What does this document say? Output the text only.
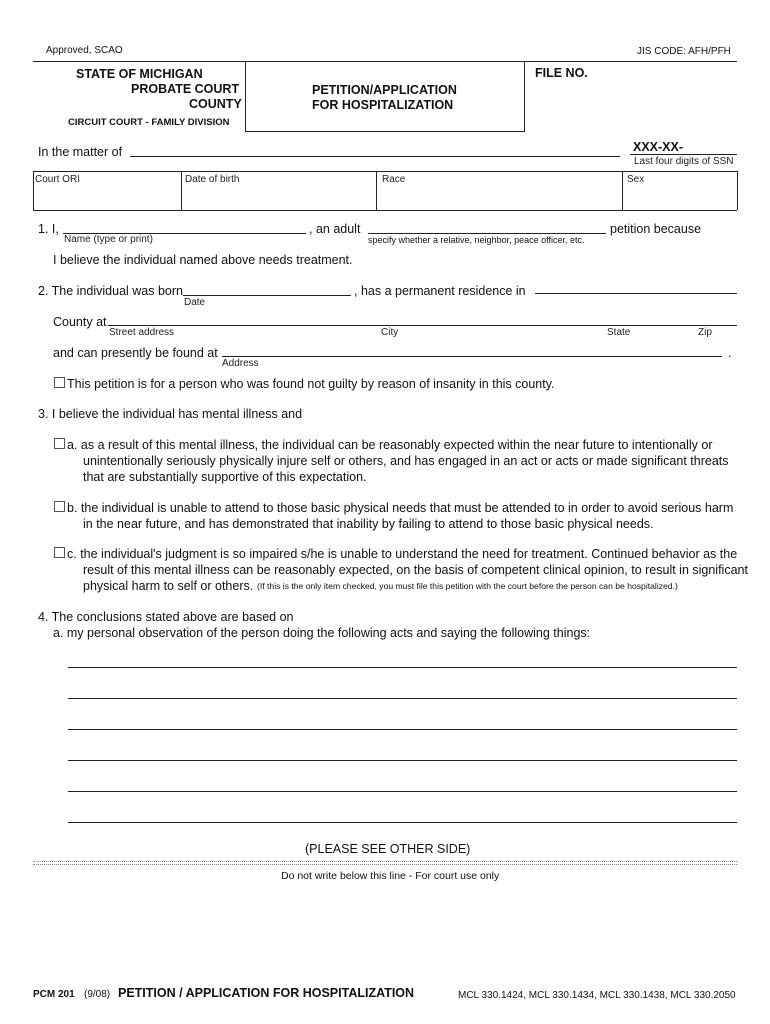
Approved, SCAO	JIS CODE: AFH/PFH
STATE OF MICHIGAN
PROBATE COURT
COUNTY
CIRCUIT COURT - FAMILY DIVISION
PETITION/APPLICATION
FOR HOSPITALIZATION
FILE NO.
In the matter of	XXX-XX-
Last four digits of SSN
Court ORI	Date of birth	Race	Sex
1. I,	, an adult	petition because
Name (type or print)	specify whether a relative, neighbor, peace officer, etc.
I believe the individual named above needs treatment.
2. The individual was born
Date
, has a permanent residence in
County at
Street address	City	State	Zip
and can presently be found at	.
Address
This petition is for a person who was found not guilty by reason of insanity in this county.
3. I believe the individual has mental illness and
a. as a result of this mental illness, the individual can be reasonably expected within the near future to intentionally or
unintentionally seriously physically injure self or others, and has engaged in an act or acts or made significant threats
that are substantially supportive of this expectation.
b. the individual is unable to attend to those basic physical needs that must be attended to in order to avoid serious harm
in the near future, and has demonstrated that inability by failing to attend to those basic physical needs.
c. the individual's judgment is so impaired s/he is unable to understand the need for treatment. Continued behavior as the
result of this mental illness can be reasonably expected, on the basis of competent clinical opinion, to result in significant
physical harm to self or others. (If this is the only item checked, you must file this petition with the court before the person can be hospitalized.)
4. The conclusions stated above are based on
a. my personal observation of the person doing the following acts and saying the following things:
(PLEASE SEE OTHER SIDE)
Do not write below this line - For court use only
PCM 201 (9/08) PETITION / APPLICATION FOR HOSPITALIZATION	MCL 330.1424, MCL 330.1434, MCL 330.1438, MCL 330.2050
